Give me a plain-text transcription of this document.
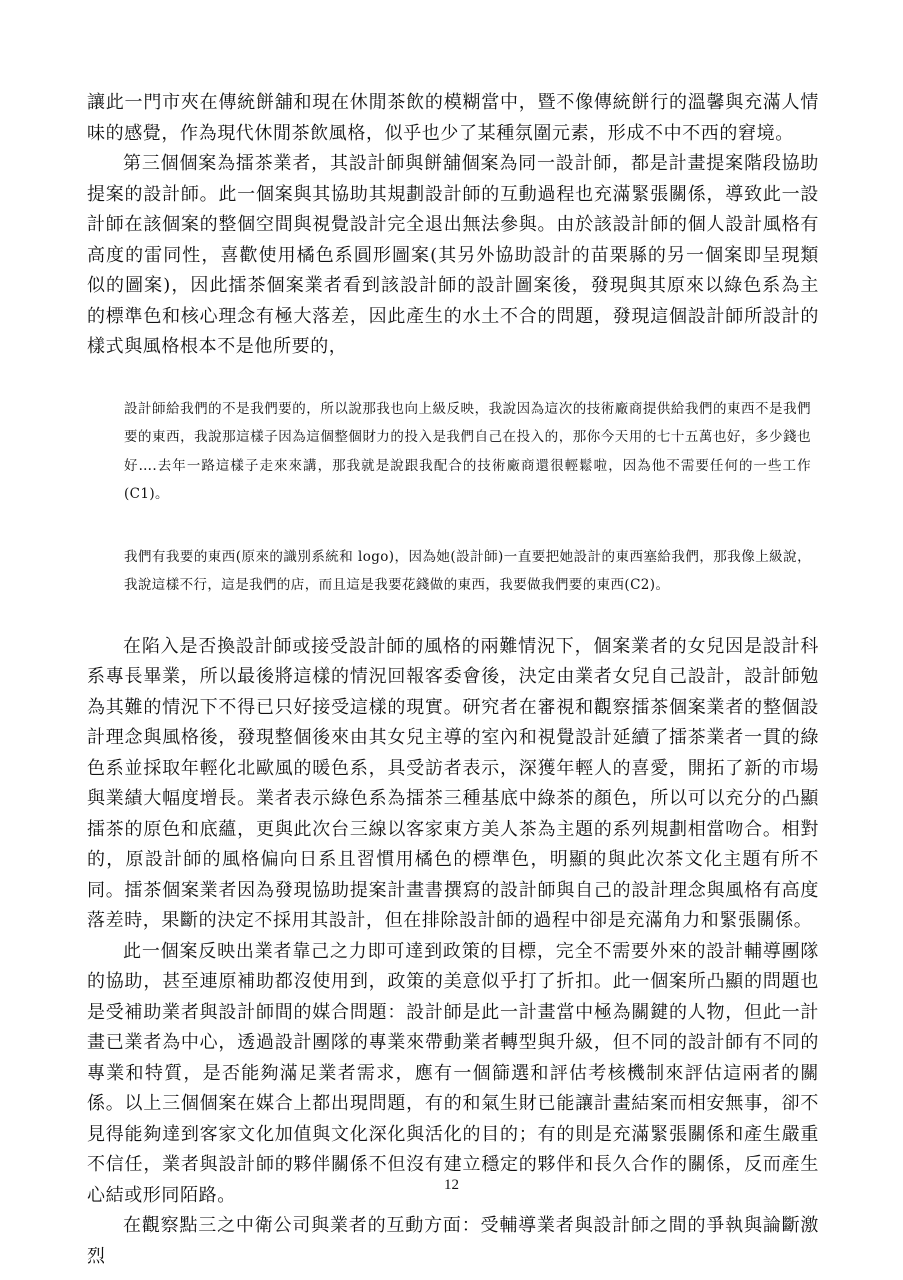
讓此一門市夾在傳統餅舖和現在休閒茶飲的模糊當中，暨不像傳統餅行的溫馨與充滿人情味的感覺，作為現代休閒茶飲風格，似乎也少了某種氛圍元素，形成不中不西的窘境。

第三個個案為擂茶業者，其設計師與餅舖個案為同一設計師，都是計畫提案階段協助提案的設計師。此一個案與其協助其規劃設計師的互動過程也充滿緊張關係，導致此一設計師在該個案的整個空間與視覺設計完全退出無法參與。由於該設計師的個人設計風格有高度的雷同性，喜歡使用橘色系圓形圖案(其另外協助設計的苗栗縣的另一個案即呈現類似的圖案)，因此擂茶個案業者看到該設計師的設計圖案後，發現與其原來以綠色系為主的標準色和核心理念有極大落差，因此產生的水土不合的問題，發現這個設計師所設計的樣式與風格根本不是他所要的，

設計師給我們的不是我們要的，所以說那我也向上級反映，我說因為這次的技術廠商提供給我們的東西不是我們要的東西，我說那這樣子因為這個整個財力的投入是我們自己在投入的，那你今天用的七十五萬也好，多少錢也好….去年一路這樣子走來來講，那我就是說跟我配合的技術廠商還很輕鬆啦，因為他不需要任何的一些工作(C1)。

我們有我要的東西(原來的識別系統和 logo)，因為她(設計師)一直要把她設計的東西塞給我們，那我像上級說，我說這樣不行，這是我們的店，而且這是我要花錢做的東西，我要做我們要的東西(C2)。

在陷入是否換設計師或接受設計師的風格的兩難情況下，個案業者的女兒因是設計科系專長畢業，所以最後將這樣的情況回報客委會後，決定由業者女兒自己設計，設計師勉為其難的情況下不得已只好接受這樣的現實。研究者在審視和觀察擂茶個案業者的整個設計理念與風格後，發現整個後來由其女兒主導的室內和視覺設計延續了擂茶業者一貫的綠色系並採取年輕化北歐風的暖色系，具受訪者表示，深獲年輕人的喜愛，開拓了新的市場與業績大幅度增長。業者表示綠色系為擂茶三種基底中綠茶的顏色，所以可以充分的凸顯擂茶的原色和底蘊，更與此次台三線以客家東方美人茶為主題的系列規劃相當吻合。相對的，原設計師的風格偏向日系且習慣用橘色的標準色，明顯的與此次茶文化主題有所不同。擂茶個案業者因為發現協助提案計畫書撰寫的設計師與自己的設計理念與風格有高度落差時，果斷的決定不採用其設計，但在排除設計師的過程中卻是充滿角力和緊張關係。

此一個案反映出業者靠己之力即可達到政策的目標，完全不需要外來的設計輔導團隊的協助，甚至連原補助都沒使用到，政策的美意似乎打了折扣。此一個案所凸顯的問題也是受補助業者與設計師間的媒合問題：設計師是此一計畫當中極為關鍵的人物，但此一計畫已業者為中心，透過設計團隊的專業來帶動業者轉型與升級，但不同的設計師有不同的專業和特質，是否能夠滿足業者需求，應有一個篩選和評估考核機制來評估這兩者的關係。以上三個個案在媒合上都出現問題，有的和氣生財已能讓計畫結案而相安無事，卻不見得能夠達到客家文化加值與文化深化與活化的目的；有的則是充滿緊張關係和產生嚴重不信任，業者與設計師的夥伴關係不但沒有建立穩定的夥伴和長久合作的關係，反而產生心結或形同陌路。

在觀察點三之中衛公司與業者的互動方面：受輔導業者與設計師之間的爭執與論斷激烈

12
